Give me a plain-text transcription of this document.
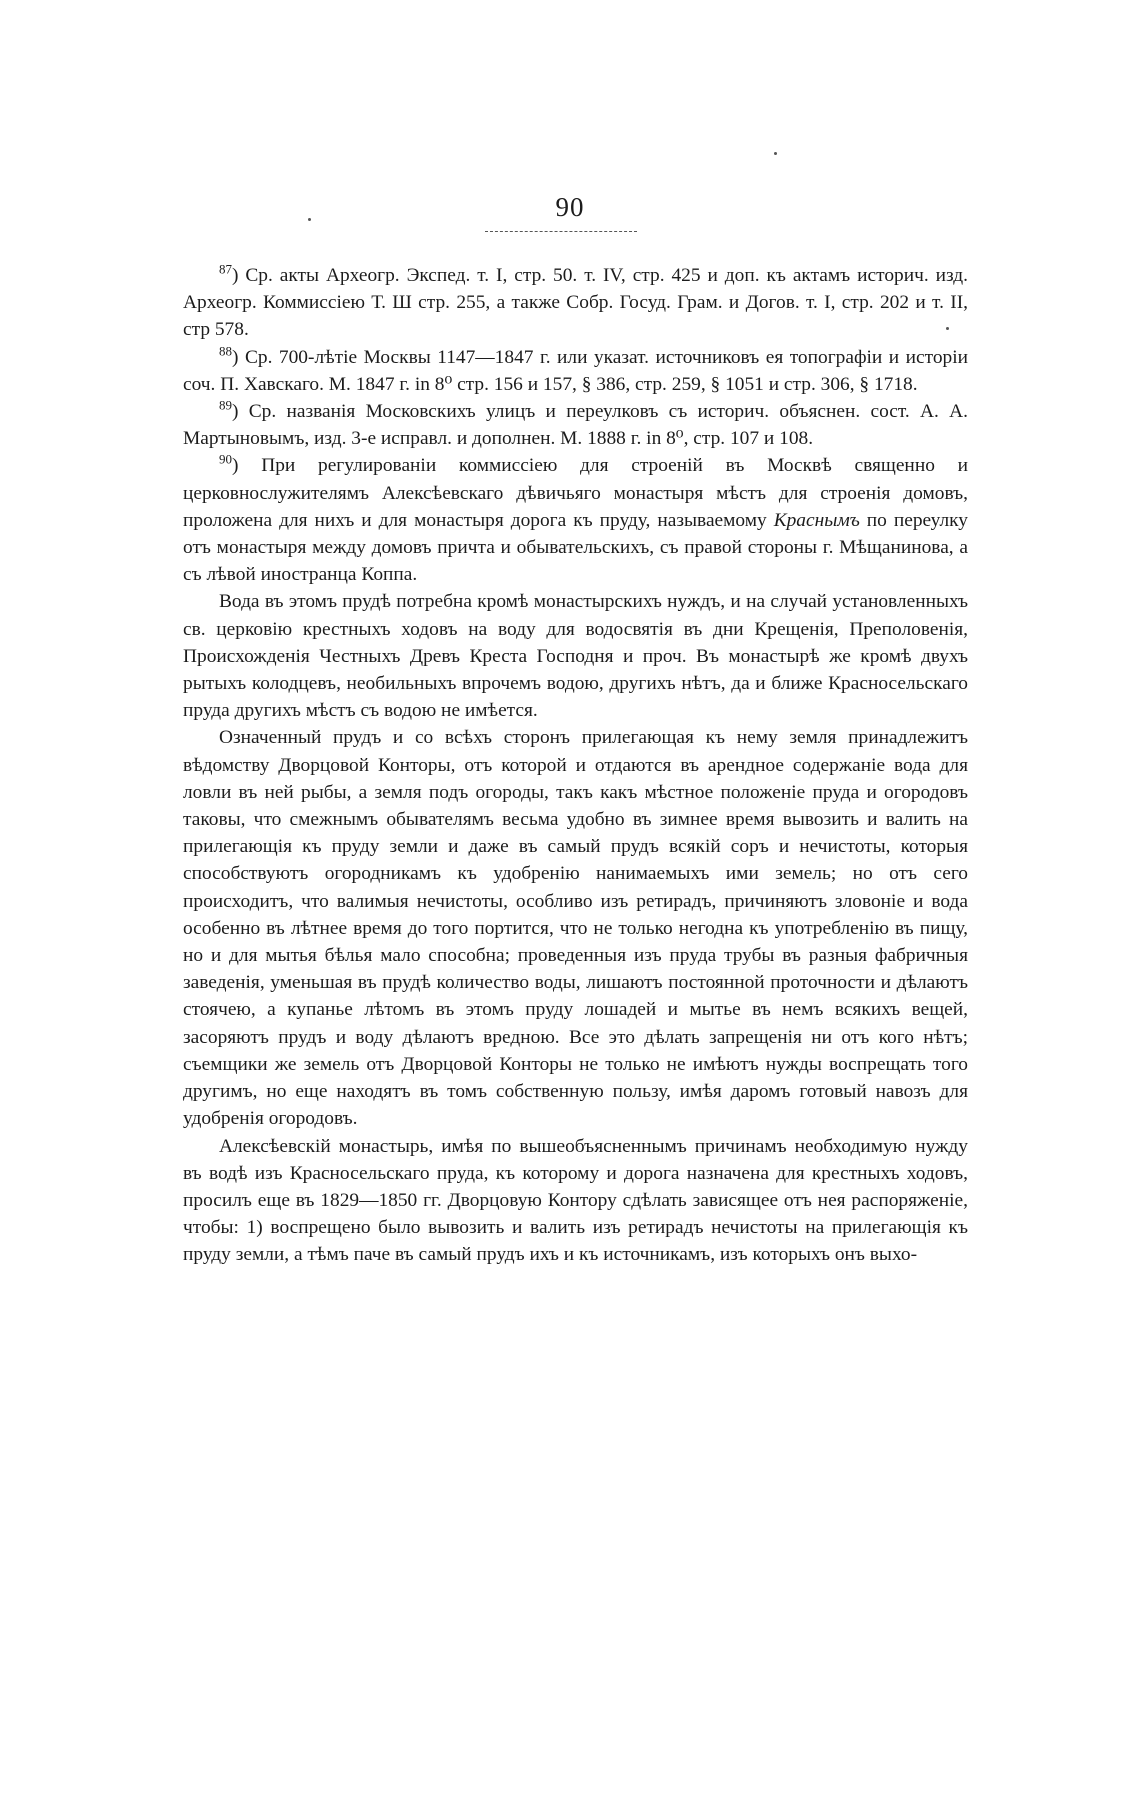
90

$^{87}$) Ср. акты Археогр. Экспед. т. I, стр. 50. т. IV, стр. 425 и доп. къ актамъ историч. изд. Археогр. Коммиссiею Т. Ш стр. 255, а также Собр. Госуд. Грам. и Догов. т. I, стр. 202 и т. II, стр 578.

$^{88}$) Ср. 700-лѣтiе Москвы 1147—1847 г. или указат. источниковъ ея топографiи и исторiи соч. П. Хавскаго. М. 1847 г. in 8⁰ стр. 156 и 157, § 386, стр. 259, § 1051 и стр. 306, § 1718.

$^{89}$) Ср. названiя Московскихъ улицъ и переулковъ съ историч. объяснен. сост. А. А. Мартыновымъ, изд. 3-е исправл. и дополнен. М. 1888 г. in 8⁰, стр. 107 и 108.

$^{90}$) При регулированiи коммиссiею для строенiй въ Москвѣ священно и церковнослужителямъ Алексѣевскаго дѣвичьяго монастыря мѣстъ для строенiя домовъ, проложена для нихъ и для монастыря дорога къ пруду, называемому Краснымъ по переулку отъ монастыря между домовъ причта и обывательскихъ, съ правой стороны г. Мѣщанинова, а съ лѣвой иностранца Коппа.

Вода въ этомъ прудѣ потребна кромѣ монастырскихъ нуждъ, и на случай установленныхъ св. церковiю крестныхъ ходовъ на воду для водосвятiя въ дни Крещенiя, Преполовенiя, Происхожденiя Честныхъ Древъ Креста Господня и проч. Въ монастырѣ же кромѣ двухъ рытыхъ колодцевъ, необильныхъ впрочемъ водою, другихъ нѣтъ, да и ближе Красносельскаго пруда другихъ мѣстъ съ водою не имѣется.

Означенный прудъ и со всѣхъ сторонъ прилегающая къ нему земля принадлежитъ вѣдомству Дворцовой Конторы, отъ которой и отдаются въ арендное содержанiе вода для ловли въ ней рыбы, а земля подъ огороды, такъ какъ мѣстное положенiе пруда и огородовъ таковы, что смежнымъ обывателямъ весьма удобно въ зимнее время вывозить и валить на прилегающiя къ пруду земли и даже въ самый прудъ всякiй соръ и нечистоты, которыя способствуютъ огородникамъ къ удобренiю нанимаемыхъ ими земель; но отъ сего происходитъ, что валимыя нечистоты, особливо изъ ретирадъ, причиняютъ зловонiе и вода особенно въ лѣтнее время до того портится, что не только негодна къ употребленiю въ пищу, но и для мытья бѣлья мало способна; проведенныя изъ пруда трубы въ разныя фабричныя заведенiя, уменьшая въ прудѣ количество воды, лишаютъ постоянной проточности и дѣлаютъ стоячею, а купанье лѣтомъ въ этомъ пруду лошадей и мытье въ немъ всякихъ вещей, засоряютъ прудъ и воду дѣлаютъ вредною. Все это дѣлать запрещенiя ни отъ кого нѣтъ; съемщики же земель отъ Дворцовой Конторы не только не имѣютъ нужды воспрещать того другимъ, но еще находятъ въ томъ собственную пользу, имѣя даромъ готовый навозъ для удобренiя огородовъ.

Алексѣевскiй монастырь, имѣя по вышеобъясненнымъ причинамъ необходимую нужду въ водѣ изъ Красносельскаго пруда, къ которому и дорога назначена для крестныхъ ходовъ, просилъ еще въ 1829—1850 гг. Дворцовую Контору сдѣлать зависящее отъ нея распоряженiе, чтобы: 1) воспрещено было вывозить и валить изъ ретирадъ нечистоты на прилегающiя къ пруду земли, а тѣмъ паче въ самый прудъ ихъ и къ источникамъ, изъ которыхъ онъ выхо-
